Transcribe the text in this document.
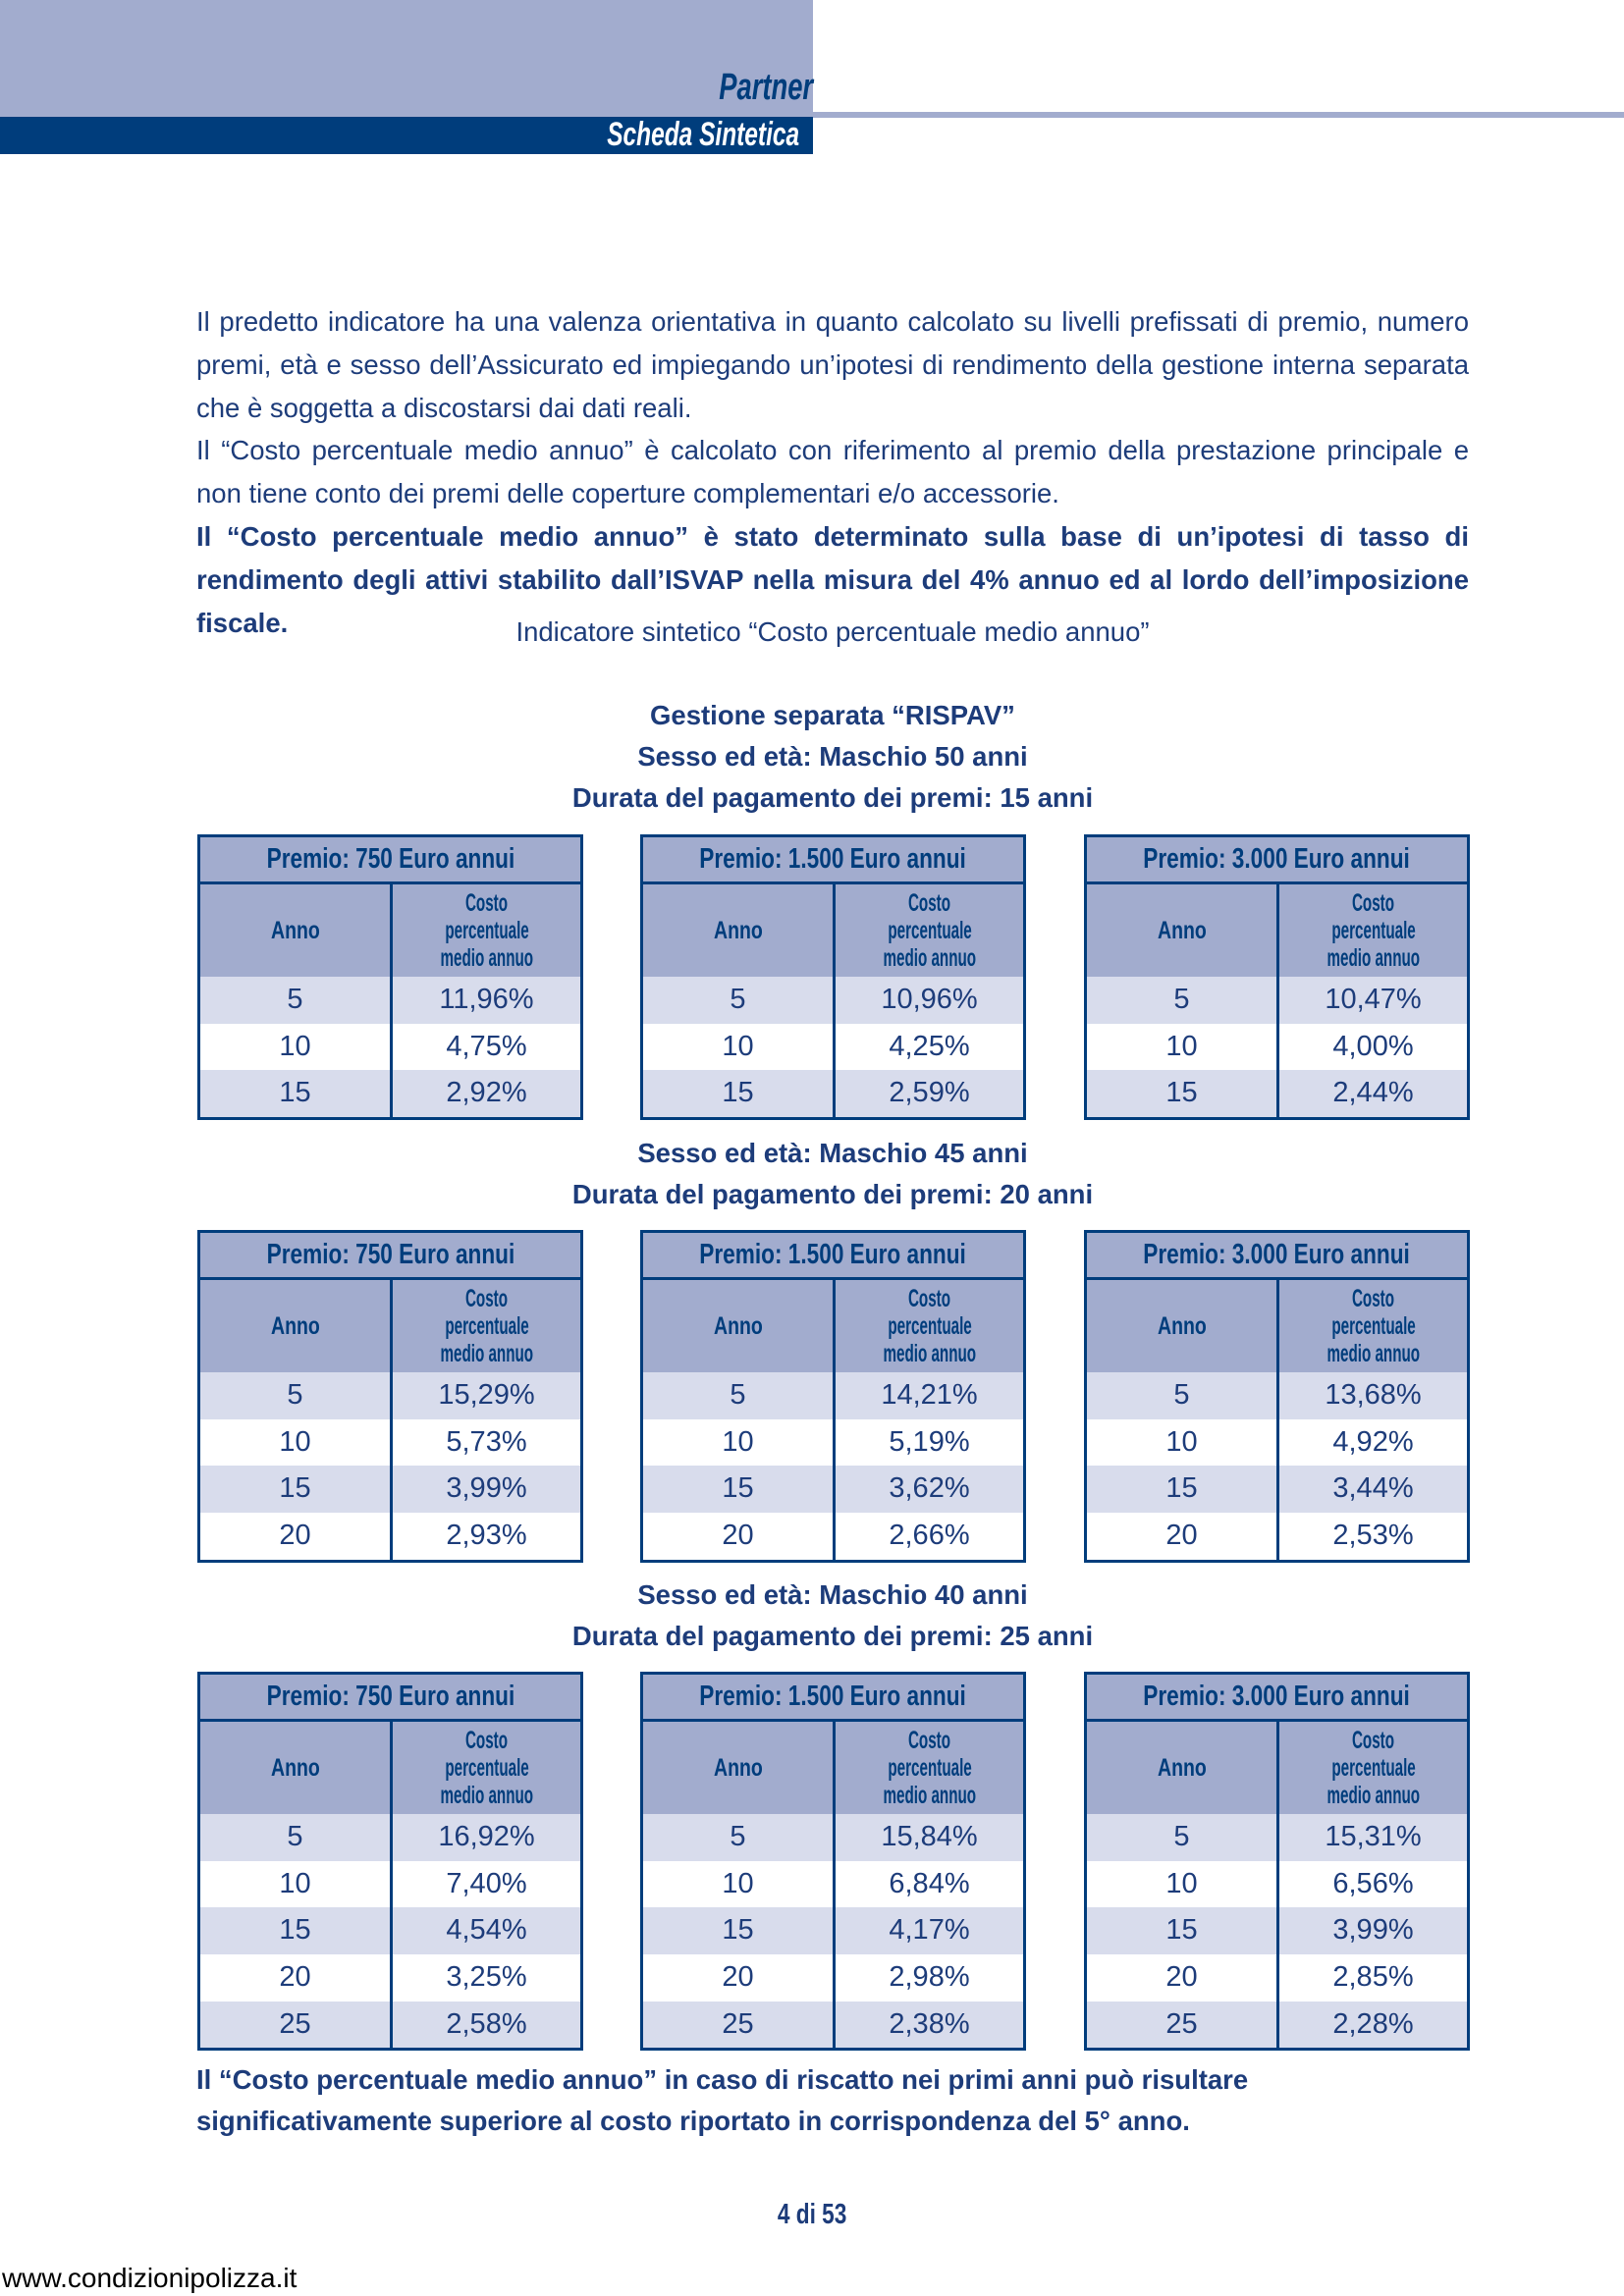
Partner
Scheda Sintetica

Il predetto indicatore ha una valenza orientativa in quanto calcolato su livelli prefissati di premio, numero premi, età e sesso dell’Assicurato ed impiegando un’ipotesi di rendimento della gestione interna separata che è soggetta a discostarsi dai dati reali.

Il “Costo percentuale medio annuo” è calcolato con riferimento al premio della prestazione principale e non tiene conto dei premi delle coperture complementari e/o accessorie.

Il “Costo percentuale medio annuo” è stato determinato sulla base di un’ipotesi di tasso di rendimento degli attivi stabilito dall’ISVAP nella misura del 4% annuo ed al lordo dell’imposizione fiscale.	Indicatore sintetico “Costo percentuale medio annuo”
Gestione separata “RISPAV”
Sesso ed età: Maschio 50 anni
Durata del pagamento dei premi: 15 anni
Premio: 750 Euro annui
Anno
Costo
percentuale
medio annuo
5	11,96%
10	4,75%
15	2,92%
Premio: 1.500 Euro annui
Anno
Costo
percentuale
medio annuo
5	10,96%
10	4,25%
15	2,59%
Premio: 3.000 Euro annui
Anno
Costo
percentuale
medio annuo
5	10,47%
10	4,00%
15	2,44%
Sesso ed età: Maschio 45 anni
Durata del pagamento dei premi: 20 anni
Premio: 750 Euro annui
Anno
Costo
percentuale
medio annuo
5	15,29%
10	5,73%
15	3,99%
20	2,93%
Premio: 1.500 Euro annui
Anno
Costo
percentuale
medio annuo
5	14,21%
10	5,19%
15	3,62%
20	2,66%
Premio: 3.000 Euro annui
Anno
Costo
percentuale
medio annuo
5	13,68%
10	4,92%
15	3,44%
20	2,53%
Sesso ed età: Maschio 40 anni
Durata del pagamento dei premi: 25 anni
Premio: 750 Euro annui
Anno
Costo
percentuale
medio annuo
5	16,92%
10	7,40%
15	4,54%
20	3,25%
25	2,58%
Premio: 1.500 Euro annui
Anno
Costo
percentuale
medio annuo
5	15,84%
10	6,84%
15	4,17%
20	2,98%
25	2,38%
Premio: 3.000 Euro annui
Anno
Costo
percentuale
medio annuo
5	15,31%
10	6,56%
15	3,99%
20	2,85%
25	2,28%
Il “Costo percentuale medio annuo” in caso di riscatto nei primi anni può risultare significativamente superiore al costo riportato in corrispondenza del 5° anno.
4 di 53
www.condizionipolizza.it
